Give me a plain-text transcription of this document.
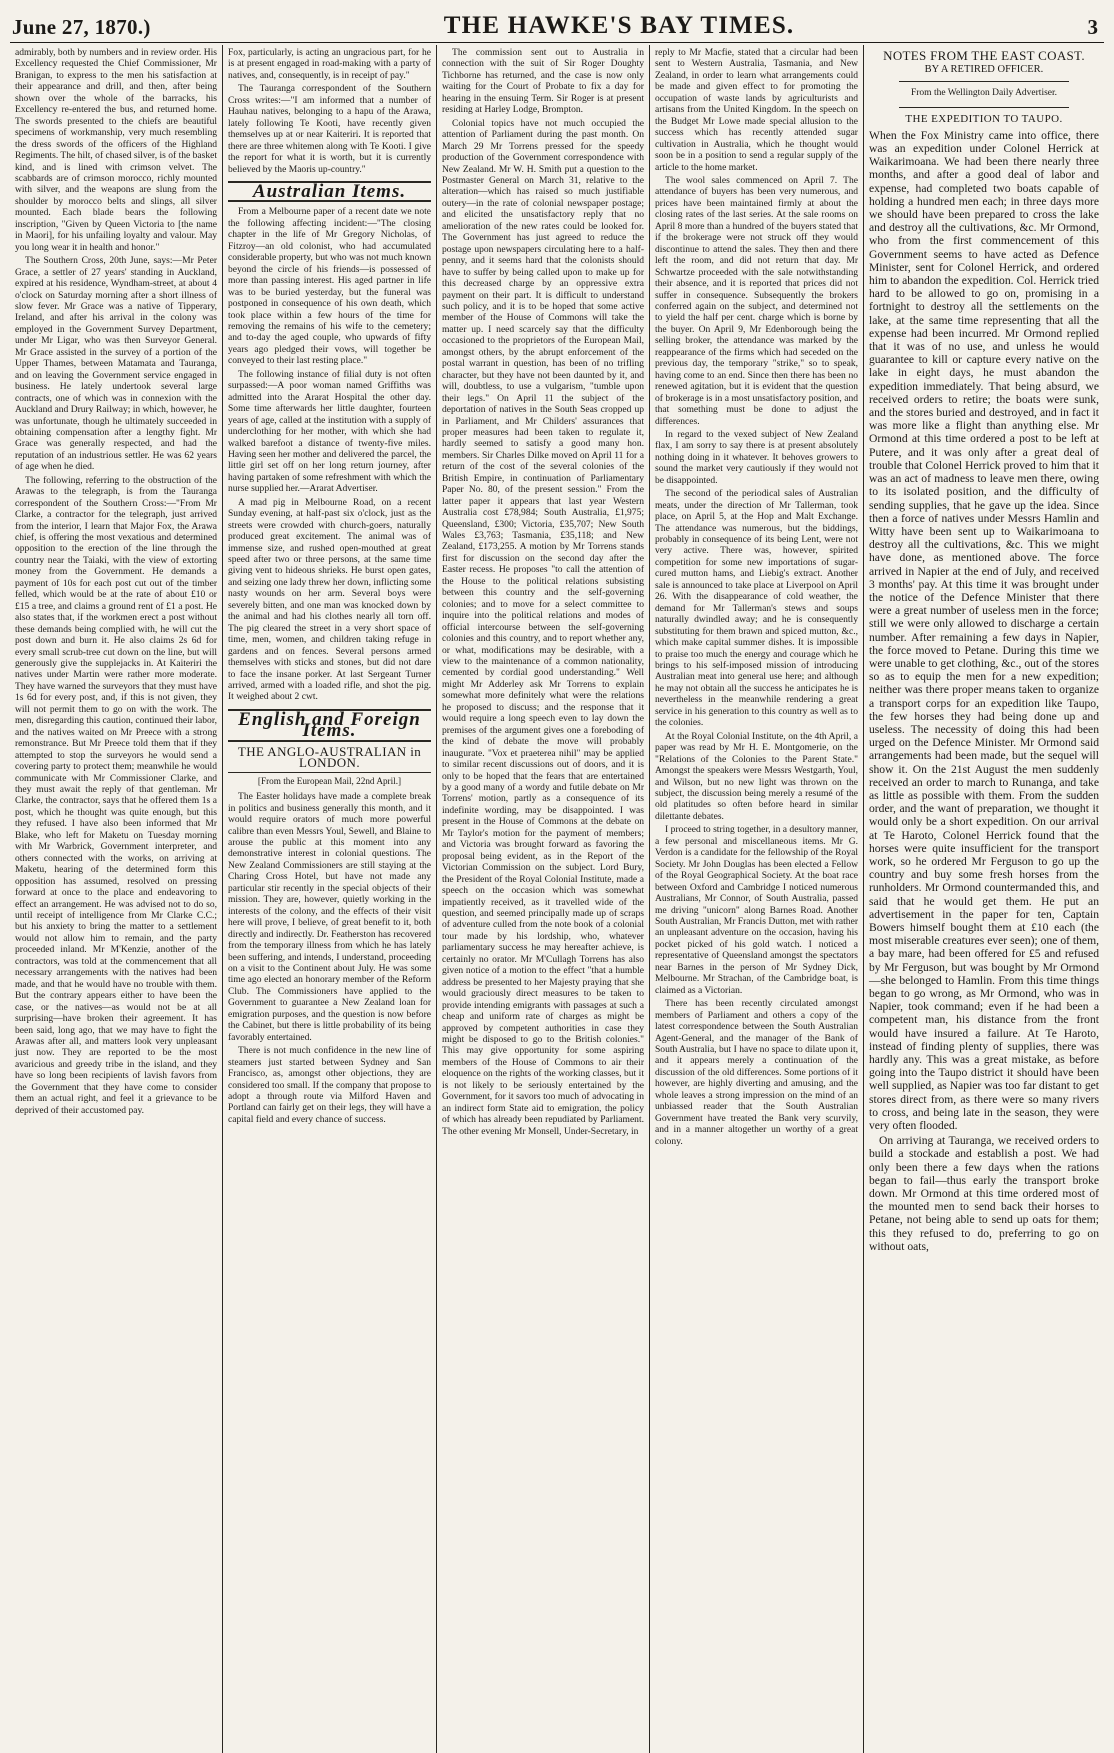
June 27, 1870.)	THE HAWKE'S BAY TIMES.	3

admirably, both by numbers and in review order. His Excellency requested the Chief Commissioner, Mr Branigan, to express to the men his satisfaction at their appearance and drill, and then, after being shown over the whole of the barracks, his Excellency re-entered the bus, and returned home. The swords presented to the chiefs are beautiful specimens of workmanship, very much resembling the dress swords of the officers of the Highland Regiments. The hilt, of chased silver, is of the basket kind, and is lined with crimson velvet. The scabbards are of crimson morocco, richly mounted with silver, and the weapons are slung from the shoulder by morocco belts and slings, all silver mounted. Each blade bears the following inscription, "Given by Queen Victoria to [the name in Maori], for his unfailing loyalty and valour. May you long wear it in health and honor."

The Southern Cross, 20th June, says:—Mr Peter Grace, a settler of 27 years' standing in Auckland, expired at his residence, Wyndham-street, at about 4 o'clock on Saturday morning after a short illness of slow fever. Mr Grace was a native of Tipperary, Ireland, and after his arrival in the colony was employed in the Government Survey Department, under Mr Ligar, who was then Surveyor General. Mr Grace assisted in the survey of a portion of the Upper Thames, between Matamata and Tauranga, and on leaving the Government service engaged in business. He lately undertook several large contracts, one of which was in connexion with the Auckland and Drury Railway; in which, however, he was unfortunate, though he ultimately succeeded in obtaining compensation after a lengthy fight. Mr Grace was generally respected, and had the reputation of an industrious settler. He was 62 years of age when he died.

The following, referring to the obstruction of the Arawas to the telegraph, is from the Tauranga correspondent of the Southern Cross:—"From Mr Clarke, a contractor for the telegraph, just arrived from the interior, I learn that Major Fox, the Arawa chief, is offering the most vexatious and determined opposition to the erection of the line through the country near the Taiaki, with the view of extorting money from the Government. He demands a payment of 10s for each post cut out of the timber felled, which would be at the rate of about £10 or £15 a tree, and claims a ground rent of £1 a post. He also states that, if the workmen erect a post without these demands being complied with, he will cut the post down and burn it. He also claims 2s 6d for every small scrub-tree cut down on the line, but will generously give the supplejacks in. At Kaiteriri the natives under Martin were rather more moderate. They have warned the surveyors that they must have 1s 6d for every post, and, if this is not given, they will not permit them to go on with the work. The men, disregarding this caution, continued their labor, and the natives waited on Mr Preece with a strong remonstrance. But Mr Preece told them that if they attempted to stop the surveyors he would send a covering party to protect them; meanwhile he would communicate with Mr Commissioner Clarke, and they must await the reply of that gentleman. Mr Clarke, the contractor, says that he offered them 1s a post, which he thought was quite enough, but this they refused. I have also been informed that Mr Blake, who left for Maketu on Tuesday morning with Mr Warbrick, Government interpreter, and others connected with the works, on arriving at Maketu, hearing of the determined form this opposition has assumed, resolved on pressing forward at once to the place and endeavoring to effect an arrangement. He was advised not to do so, until receipt of intelligence from Mr Clarke C.C.; but his anxiety to bring the matter to a settlement would not allow him to remain, and the party proceeded inland. Mr M'Kenzie, another of the contractors, was told at the commencement that all necessary arrangements with the natives had been made, and that he would have no trouble with them. But the contrary appears either to have been the case, or the natives—as would not be at all surprising—have broken their agreement. It has been said, long ago, that we may have to fight the Arawas after all, and matters look very unpleasant just now. They are reported to be the most avaricious and greedy tribe in the island, and they have so long been recipients of lavish favors from the Government that they have come to consider them an actual right, and feel it a grievance to be deprived of their accustomed pay.

Fox, particularly, is acting an ungracious part, for he is at present engaged in road-making with a party of natives, and, consequently, is in receipt of pay."

The Tauranga correspondent of the Southern Cross writes:—"I am informed that a number of Hauhau natives, belonging to a hapu of the Arawa, lately following Te Kooti, have recently given themselves up at or near Kaiteriri. It is reported that there are three whitemen along with Te Kooti. I give the report for what it is worth, but it is currently believed by the Maoris up-country."

Australian Items.

From a Melbourne paper of a recent date we note the following affecting incident:—"The closing chapter in the life of Mr Gregory Nicholas, of Fitzroy—an old colonist, who had accumulated considerable property, but who was not much known beyond the circle of his friends—is possessed of more than passing interest. His aged partner in life was to be buried yesterday, but the funeral was postponed in consequence of his own death, which took place within a few hours of the time for removing the remains of his wife to the cemetery; and to-day the aged couple, who upwards of fifty years ago pledged their vows, will together be conveyed to their last resting place."

The following instance of filial duty is not often surpassed:—A poor woman named Griffiths was admitted into the Ararat Hospital the other day. Some time afterwards her little daughter, fourteen years of age, called at the institution with a supply of underclothing for her mother, with which she had walked barefoot a distance of twenty-five miles. Having seen her mother and delivered the parcel, the little girl set off on her long return journey, after having partaken of some refreshment with which the nurse supplied her.—Ararat Advertiser.

A mad pig in Melbourne Road, on a recent Sunday evening, at half-past six o'clock, just as the streets were crowded with church-goers, naturally produced great excitement. The animal was of immense size, and rushed open-mouthed at great speed after two or three persons, at the same time giving vent to hideous shrieks. He burst open gates, and seizing one lady threw her down, inflicting some nasty wounds on her arm. Several boys were severely bitten, and one man was knocked down by the animal and had his clothes nearly all torn off. The pig cleared the street in a very short space of time, men, women, and children taking refuge in gardens and on fences. Several persons armed themselves with sticks and stones, but did not dare to face the insane porker. At last Sergeant Turner arrived, armed with a loaded rifle, and shot the pig. It weighed about 2 cwt.

English and Foreign Items.
THE ANGLO-AUSTRALIAN in LONDON.
[From the European Mail, 22nd April.]

The Easter holidays have made a complete break in politics and business generally this month, and it would require orators of much more powerful calibre than even Messrs Youl, Sewell, and Blaine to arouse the public at this moment into any demonstrative interest in colonial questions. The New Zealand Commissioners are still staying at the Charing Cross Hotel, but have not made any particular stir recently in the special objects of their mission. They are, however, quietly working in the interests of the colony, and the effects of their visit here will prove, I believe, of great benefit to it, both directly and indirectly. Dr. Featherston has recovered from the temporary illness from which he has lately been suffering, and intends, I understand, proceeding on a visit to the Continent about July. He was some time ago elected an honorary member of the Reform Club. The Commissioners have applied to the Government to guarantee a New Zealand loan for emigration purposes, and the question is now before the Cabinet, but there is little probability of its being favorably entertained.

There is not much confidence in the new line of steamers just started between Sydney and San Francisco, as, amongst other objections, they are considered too small. If the company that propose to adopt a through route via Milford Haven and Portland can fairly get on their legs, they will have a capital field and every chance of success.

The commission sent out to Australia in connection with the suit of Sir Roger Doughty Tichborne has returned, and the case is now only waiting for the Court of Probate to fix a day for hearing in the ensuing Term. Sir Roger is at present residing at Harley Lodge, Brompton.

Colonial topics have not much occupied the attention of Parliament during the past month. On March 29 Mr Torrens pressed for the speedy production of the Government correspondence with New Zealand. Mr W. H. Smith put a question to the Postmaster General on March 31, relative to the alteration—which has raised so much justifiable outery—in the rate of colonial newspaper postage; and elicited the unsatisfactory reply that no amelioration of the new rates could be looked for. The Government has just agreed to reduce the postage upon newspapers circulating here to a half-penny, and it seems hard that the colonists should have to suffer by being called upon to make up for this decreased charge by an oppressive extra payment on their part. It is difficult to understand such policy, and it is to be hoped that some active member of the House of Commons will take the matter up. I need scarcely say that the difficulty occasioned to the proprietors of the European Mail, amongst others, by the abrupt enforcement of the postal warrant in question, has been of no trifling character, but they have not been daunted by it, and will, doubtless, to use a vulgarism, "tumble upon their legs." On April 11 the subject of the deportation of natives in the South Seas cropped up in Parliament, and Mr Childers' assurances that proper measures had been taken to regulate it, hardly seemed to satisfy a good many hon. members. Sir Charles Dilke moved on April 11 for a return of the cost of the several colonies of the British Empire, in continuation of Parliamentary Paper No. 80, of the present session." From the latter paper it appears that last year Western Australia cost £78,984; South Australia, £1,975; Queensland, £300; Victoria, £35,707; New South Wales £3,763; Tasmania, £35,118; and New Zealand, £173,255. A motion by Mr Torrens stands first for discussion on the second day after the Easter recess. He proposes "to call the attention of the House to the political relations subsisting between this country and the self-governing colonies; and to move for a select committee to inquire into the political relations and modes of official intercourse between the self-governing colonies and this country, and to report whether any, or what, modifications may be desirable, with a view to the maintenance of a common nationality, cemented by cordial good understanding." Well might Mr Adderley ask Mr Torrens to explain somewhat more definitely what were the relations he proposed to discuss; and the response that it would require a long speech even to lay down the premises of the argument gives one a foreboding of the kind of debate the move will probably inaugurate. "Vox et praeterea nihil" may be applied to similar recent discussions out of doors, and it is only to be hoped that the fears that are entertained by a good many of a wordy and futile debate on Mr Torrens' motion, partly as a consequence of its indefinite wording, may be disappointed. I was present in the House of Commons at the debate on Mr Taylor's motion for the payment of members; and Victoria was brought forward as favoring the proposal being evident, as in the Report of the Victorian Commission on the subject. Lord Bury, the President of the Royal Colonial Institute, made a speech on the occasion which was somewhat impatiently received, as it travelled wide of the question, and seemed principally made up of scraps of adventure culled from the note book of a colonial tour made by his lordship, who, whatever parliamentary success he may hereafter achieve, is certainly no orator. Mr M'Cullagh Torrens has also given notice of a motion to the effect "that a humble address be presented to her Majesty praying that she would graciously direct measures to be taken to provide intending emigrants with passages at such a cheap and uniform rate of charges as might be approved by competent authorities in case they might be disposed to go to the British colonies." This may give opportunity for some aspiring members of the House of Commons to air their eloquence on the rights of the working classes, but it is not likely to be seriously entertained by the Government, for it savors too much of advocating in an indirect form State aid to emigration, the policy of which has already been repudiated by Parliament. The other evening Mr Monsell, Under-Secretary, in

reply to Mr Macfie, stated that a circular had been sent to Western Australia, Tasmania, and New Zealand, in order to learn what arrangements could be made and given effect to for promoting the occupation of waste lands by agriculturists and artisans from the United Kingdom. In the speech on the Budget Mr Lowe made special allusion to the success which has recently attended sugar cultivation in Australia, which he thought would soon be in a position to send a regular supply of the article to the home market.

The wool sales commenced on April 7. The attendance of buyers has been very numerous, and prices have been maintained firmly at about the closing rates of the last series. At the sale rooms on April 8 more than a hundred of the buyers stated that if the brokerage were not struck off they would discontinue to attend the sales. They then and there left the room, and did not return that day. Mr Schwartze proceeded with the sale notwithstanding their absence, and it is reported that prices did not suffer in consequence. Subsequently the brokers conferred again on the subject, and determined not to yield the half per cent. charge which is borne by the buyer. On April 9, Mr Edenborough being the selling broker, the attendance was marked by the reappearance of the firms which had seceded on the previous day, the temporary "strike," so to speak, having come to an end. Since then there has been no renewed agitation, but it is evident that the question of brokerage is in a most unsatisfactory position, and that something must be done to adjust the differences.

In regard to the vexed subject of New Zealand flax, I am sorry to say there is at present absolutely nothing doing in it whatever. It behoves growers to sound the market very cautiously if they would not be disappointed.

The second of the periodical sales of Australian meats, under the direction of Mr Tallerman, took place, on April 5, at the Hop and Malt Exchange. The attendance was numerous, but the biddings, probably in consequence of its being Lent, were not very active. There was, however, spirited competition for some new importations of sugar-cured mutton hams, and Liebig's extract. Another sale is announced to take place at Liverpool on April 26. With the disappearance of cold weather, the demand for Mr Tallerman's stews and soups naturally dwindled away; and he is consequently substituting for them brawn and spiced mutton, &c., which make capital summer dishes. It is impossible to praise too much the energy and courage which he brings to his self-imposed mission of introducing Australian meat into general use here; and although he may not obtain all the success he anticipates he is nevertheless in the meanwhile rendering a great service in his generation to this country as well as to the colonies.

At the Royal Colonial Institute, on the 4th April, a paper was read by Mr H. E. Montgomerie, on the "Relations of the Colonies to the Parent State." Amongst the speakers were Messrs Westgarth, Youl, and Wilson, but no new light was thrown on the subject, the discussion being merely a resumé of the old platitudes so often before heard in similar dilettante debates.

I proceed to string together, in a desultory manner, a few personal and miscellaneous items. Mr G. Verdon is a candidate for the fellowship of the Royal Society. Mr John Douglas has been elected a Fellow of the Royal Geographical Society. At the boat race between Oxford and Cambridge I noticed numerous Australians, Mr Connor, of South Australia, passed me driving "unicorn" along Barnes Road. Another South Australian, Mr Francis Dutton, met with rather an unpleasant adventure on the occasion, having his pocket picked of his gold watch. I noticed a representative of Queensland amongst the spectators near Barnes in the person of Mr Sydney Dick, Melbourne. Mr Strachan, of the Cambridge boat, is claimed as a Victorian.

There has been recently circulated amongst members of Parliament and others a copy of the latest correspondence between the South Australian Agent-General, and the manager of the Bank of South Australia, but I have no space to dilate upon it, and it appears merely a continuation of the discussion of the old differences. Some portions of it however, are highly diverting and amusing, and the whole leaves a strong impression on the mind of an unbiassed reader that the South Australian Government have treated the Bank very scurvily, and in a manner altogether un worthy of a great colony.

NOTES FROM THE EAST COAST.
BY A RETIRED OFFICER.
From the Wellington Daily Advertiser.
THE EXPEDITION TO TAUPO.

When the Fox Ministry came into office, there was an expedition under Colonel Herrick at Waikarimoana. We had been there nearly three months, and after a good deal of labor and expense, had completed two boats capable of holding a hundred men each; in three days more we should have been prepared to cross the lake and destroy all the cultivations, &c. Mr Ormond, who from the first commencement of this Government seems to have acted as Defence Minister, sent for Colonel Herrick, and ordered him to abandon the expedition. Col. Herrick tried hard to be allowed to go on, promising in a fortnight to destroy all the settlements on the lake, at the same time representing that all the expense had been incurred. Mr Ormond replied that it was of no use, and unless he would guarantee to kill or capture every native on the lake in eight days, he must abandon the expedition immediately. That being absurd, we received orders to retire; the boats were sunk, and the stores buried and destroyed, and in fact it was more like a flight than anything else. Mr Ormond at this time ordered a post to be left at Putere, and it was only after a great deal of trouble that Colonel Herrick proved to him that it was an act of madness to leave men there, owing to its isolated position, and the difficulty of sending supplies, that he gave up the idea. Since then a force of natives under Messrs Hamlin and Witty have been sent up to Waikarimoana to destroy all the cultivations, &c. This we might have done, as mentioned above. The force arrived in Napier at the end of July, and received 3 months' pay. At this time it was brought under the notice of the Defence Minister that there were a great number of useless men in the force; still we were only allowed to discharge a certain number. After remaining a few days in Napier, the force moved to Petane. During this time we were unable to get clothing, &c., out of the stores so as to equip the men for a new expedition; neither was there proper means taken to organize a transport corps for an expedition like Taupo, the few horses they had being done up and useless. The necessity of doing this had been urged on the Defence Minister. Mr Ormond said arrangements had been made, but the sequel will show it. On the 21st August the men suddenly received an order to march to Runanga, and take as little as possible with them. From the sudden order, and the want of preparation, we thought it would only be a short expedition. On our arrival at Te Haroto, Colonel Herrick found that the horses were quite insufficient for the transport work, so he ordered Mr Ferguson to go up the country and buy some fresh horses from the runholders. Mr Ormond countermanded this, and said that he would get them. He put an advertisement in the paper for ten, Captain Bowers himself bought them at £10 each (the most miserable creatures ever seen); one of them, a bay mare, had been offered for £5 and refused by Mr Ferguson, but was bought by Mr Ormond—she belonged to Hamlin. From this time things began to go wrong, as Mr Ormond, who was in Napier, took command; even if he had been a competent man, his distance from the front would have insured a failure. At Te Haroto, instead of finding plenty of supplies, there was hardly any. This was a great mistake, as before going into the Taupo district it should have been well supplied, as Napier was too far distant to get stores direct from, as there were so many rivers to cross, and being late in the season, they were very often flooded.

On arriving at Tauranga, we received orders to build a stockade and establish a post. We had only been there a few days when the rations began to fail—thus early the transport broke down. Mr Ormond at this time ordered most of the mounted men to send back their horses to Petane, not being able to send up oats for them; this they refused to do, preferring to go on without oats,
